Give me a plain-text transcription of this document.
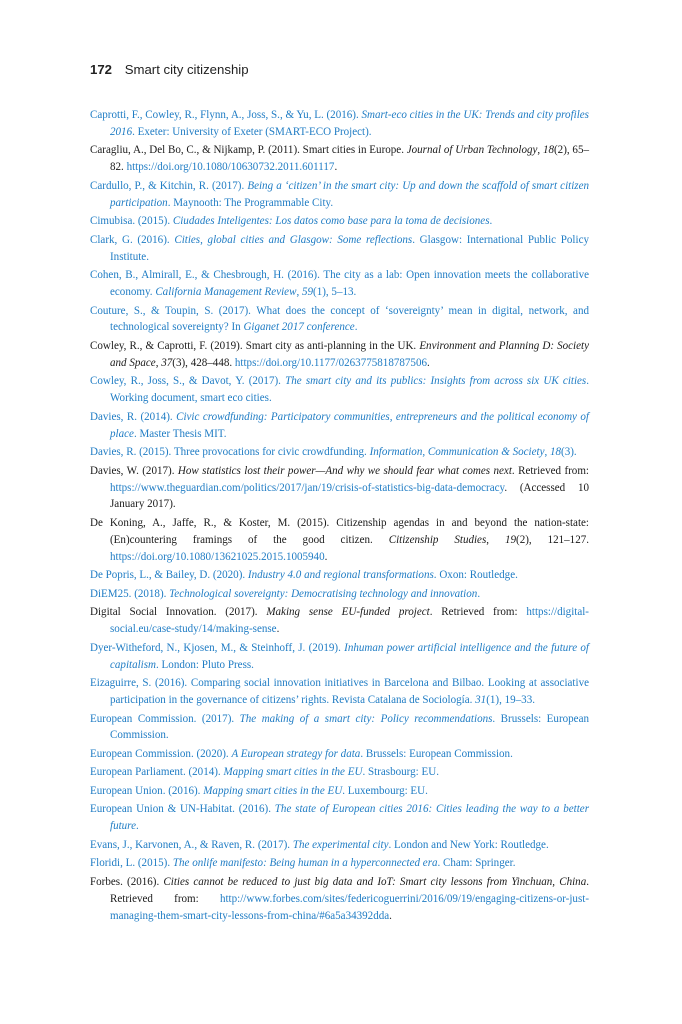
172 Smart city citizenship
Caprotti, F., Cowley, R., Flynn, A., Joss, S., & Yu, L. (2016). Smart-eco cities in the UK: Trends and city profiles 2016. Exeter: University of Exeter (SMART-ECO Project).
Caragliu, A., Del Bo, C., & Nijkamp, P. (2011). Smart cities in Europe. Journal of Urban Technology, 18(2), 65–82. https://doi.org/10.1080/10630732.2011.601117.
Cardullo, P., & Kitchin, R. (2017). Being a ‘citizen’ in the smart city: Up and down the scaffold of smart citizen participation. Maynooth: The Programmable City.
Cimubisa. (2015). Ciudades Inteligentes: Los datos como base para la toma de decisiones.
Clark, G. (2016). Cities, global cities and Glasgow: Some reflections. Glasgow: International Public Policy Institute.
Cohen, B., Almirall, E., & Chesbrough, H. (2016). The city as a lab: Open innovation meets the collaborative economy. California Management Review, 59(1), 5–13.
Couture, S., & Toupin, S. (2017). What does the concept of ‘sovereignty’ mean in digital, network, and technological sovereignty? In Giganet 2017 conference.
Cowley, R., & Caprotti, F. (2019). Smart city as anti-planning in the UK. Environment and Planning D: Society and Space, 37(3), 428–448. https://doi.org/10.1177/0263775818787506.
Cowley, R., Joss, S., & Davot, Y. (2017). The smart city and its publics: Insights from across six UK cities. Working document, smart eco cities.
Davies, R. (2014). Civic crowdfunding: Participatory communities, entrepreneurs and the political economy of place. Master Thesis MIT.
Davies, R. (2015). Three provocations for civic crowdfunding. Information, Communication & Society, 18(3).
Davies, W. (2017). How statistics lost their power—And why we should fear what comes next. Retrieved from: https://www.theguardian.com/politics/2017/jan/19/crisis-of-statistics-big-data-democracy. (Accessed 10 January 2017).
De Koning, A., Jaffe, R., & Koster, M. (2015). Citizenship agendas in and beyond the nation-state: (En)countering framings of the good citizen. Citizenship Studies, 19(2), 121–127. https://doi.org/10.1080/13621025.2015.1005940.
De Popris, L., & Bailey, D. (2020). Industry 4.0 and regional transformations. Oxon: Routledge.
DiEM25. (2018). Technological sovereignty: Democratising technology and innovation.
Digital Social Innovation. (2017). Making sense EU-funded project. Retrieved from: https://digital-social.eu/case-study/14/making-sense.
Dyer-Witheford, N., Kjosen, M., & Steinhoff, J. (2019). Inhuman power artificial intelligence and the future of capitalism. London: Pluto Press.
Eizaguirre, S. (2016). Comparing social innovation initiatives in Barcelona and Bilbao. Looking at associative participation in the governance of citizens’ rights. Revista Catalana de Sociología. 31(1), 19–33.
European Commission. (2017). The making of a smart city: Policy recommendations. Brussels: European Commission.
European Commission. (2020). A European strategy for data. Brussels: European Commission.
European Parliament. (2014). Mapping smart cities in the EU. Strasbourg: EU.
European Union. (2016). Mapping smart cities in the EU. Luxembourg: EU.
European Union & UN-Habitat. (2016). The state of European cities 2016: Cities leading the way to a better future.
Evans, J., Karvonen, A., & Raven, R. (2017). The experimental city. London and New York: Routledge.
Floridi, L. (2015). The onlife manifesto: Being human in a hyperconnected era. Cham: Springer.
Forbes. (2016). Cities cannot be reduced to just big data and IoT: Smart city lessons from Yinchuan, China. Retrieved from: http://www.forbes.com/sites/federicoguerrini/2016/09/19/engaging-citizens-or-just-managing-them-smart-city-lessons-from-china/#6a5a34392dda.
